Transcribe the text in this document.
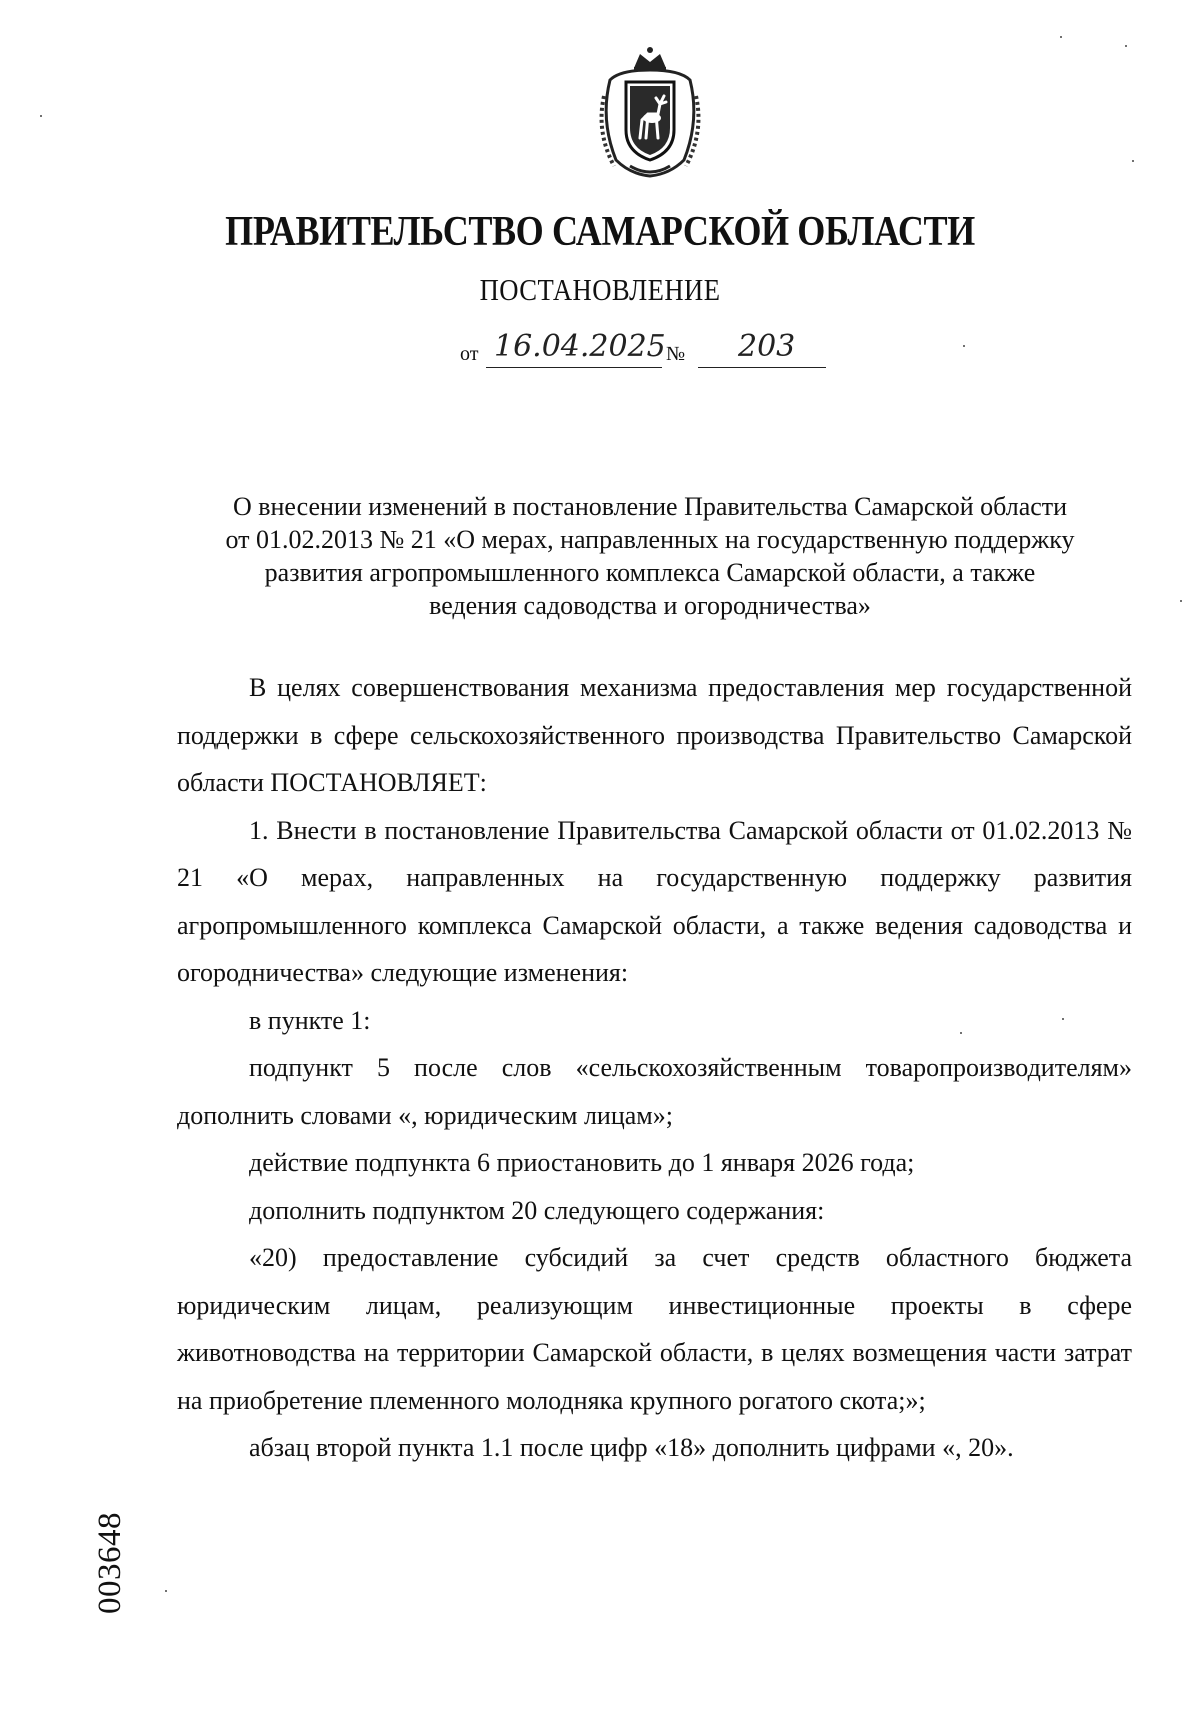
ПРАВИТЕЛЬСТВО САМАРСКОЙ ОБЛАСТИ
ПОСТАНОВЛЕНИЕ
от 16.04.2025 № 203
О внесении изменений в постановление Правительства Самарской области
от 01.02.2013 № 21 «О мерах, направленных на государственную поддержку
развития агропромышленного комплекса Самарской области, а также
ведения садоводства и огородничества»

В целях совершенствования механизма предоставления мер государственной поддержки в сфере сельскохозяйственного производства Правительство Самарской области ПОСТАНОВЛЯЕТ:

1. Внести в постановление Правительства Самарской области от 01.02.2013 № 21 «О мерах, направленных на государственную поддержку развития агропромышленного комплекса Самарской области, а также ведения садоводства и огородничества» следующие изменения:

в пункте 1:

подпункт 5 после слов «сельскохозяйственным товаропроизводителям» дополнить словами «, юридическим лицам»;

действие подпункта 6 приостановить до 1 января 2026 года;

дополнить подпунктом 20 следующего содержания:

«20) предоставление субсидий за счет средств областного бюджета юридическим лицам, реализующим инвестиционные проекты в сфере животноводства на территории Самарской области, в целях возмещения части затрат на приобретение племенного молодняка крупного рогатого скота;»;

абзац второй пункта 1.1 после цифр «18» дополнить цифрами «, 20».

003648
